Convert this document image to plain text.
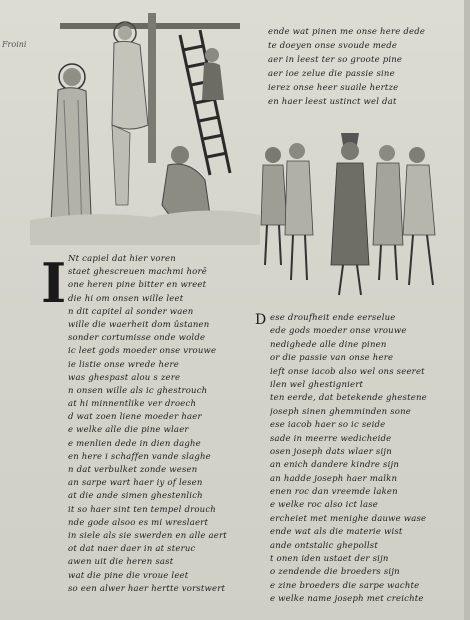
Froini
ende wat pinen me onse here dede
te doeyen onse svoude mede
aer in leest ter so groote pine
aer ioe zelue die passie sine
ierez onse heer suaile hertze
en haer leest ustinct wel dat
I
D
Nt capiel dat hier voren
staet ghescreuen machmi horē
one heren pine bitter en wreet
die hi om onsen wille leet
n dit capitel al sonder waen
wille die waerheit dom ûstanen
sonder cortumisse onde wolde
ic leet gods moeder onse vrouwe
ie listie onse wrede here
was ghespast alou s zere
n onsen wille als ic ghestrouch
at hi minnentlike ver droech
d wat zoen liene moeder haer
e welke alle die pine wlaer
e menlien dede in dien daghe
en here i schaffen vande slaghe
n dat verbulket zonde wesen
an sarpe wart haer iy of lesen
at die ande simen ghestenlich
it so haer sint ten tempel drouch
nde gode alsoo es mi wreslaert
in siele als sie swerden en alle aert
ot dat naer daer in at steruc
awen uit die heren sast
wat die pine die vroue leet
so een alwer haer hertte vorstwert
ese droufheit ende eerselue
ede gods moeder onse vrouwe
nedighede alle dine pinen
or die passie van onse here
ieft onse iacob also wel ons seeret
ilen wel ghestigniert
ten eerde, dat betekende ghestene
joseph sinen ghemminden sone
ese iacob haer so ic seide
sade in meerre wedicheide
osen joseph dats wlaer sijn
an enich dandere kindre sijn
an hadde joseph haer malkn
enen roc dan vreemde laken
e welke roc also ict lase
ercheiet met menighe dauwe wase
ende wat als die materie wist
ande ontstalic ghepollst
t onen iden ustaet der sijn
o zendende die broeders sijn
e zine broeders die sarpe wachte
e welke name joseph met creichte
